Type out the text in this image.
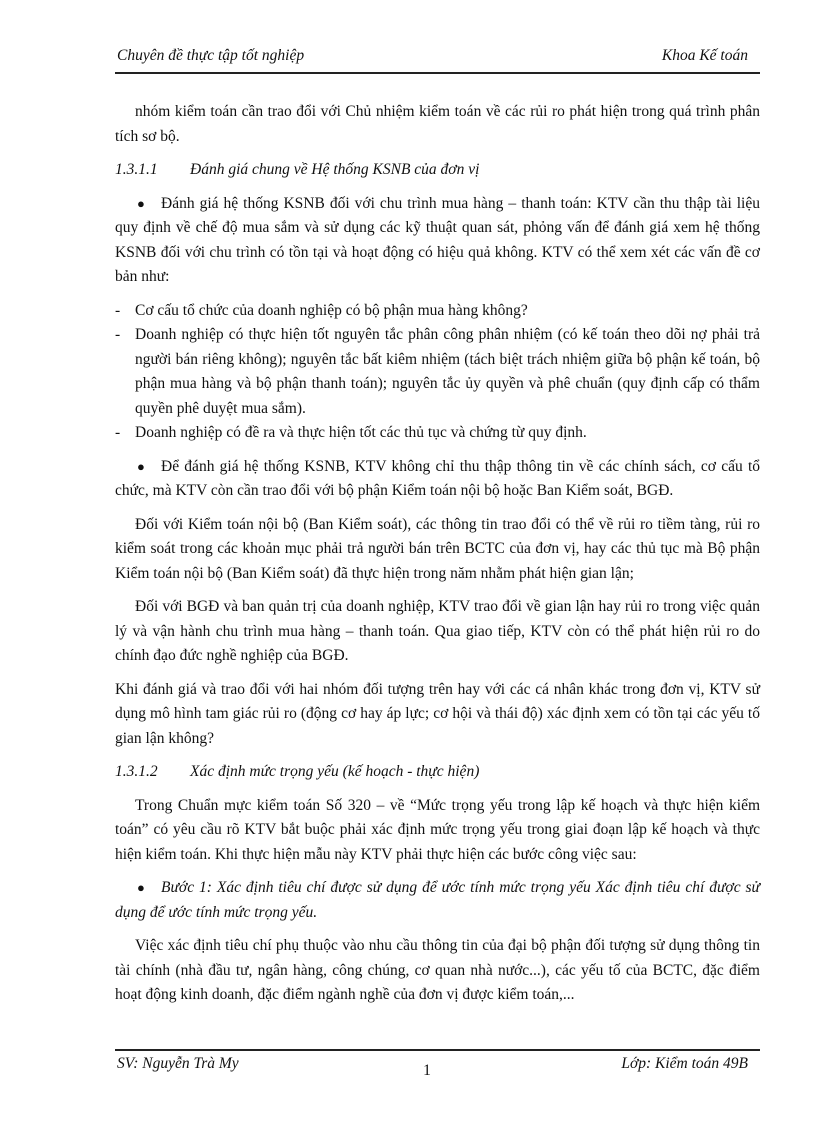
Chuyên đề thực tập tốt nghiệp	Khoa Kế toán

nhóm kiểm toán cần trao đổi với Chủ nhiệm kiểm toán về các rủi ro phát hiện trong quá trình phân tích sơ bộ.

1.3.1.1 Đánh giá chung về Hệ thống KSNB của đơn vị

● Đánh giá hệ thống KSNB đối với chu trình mua hàng – thanh toán: KTV cần thu thập tài liệu quy định về chế độ mua sắm và sử dụng các kỹ thuật quan sát, phỏng vấn để đánh giá xem hệ thống KSNB đối với chu trình có tồn tại và hoạt động có hiệu quả không. KTV có thể xem xét các vấn đề cơ bản như:

- Cơ cấu tổ chức của doanh nghiệp có bộ phận mua hàng không?

- Doanh nghiệp có thực hiện tốt nguyên tắc phân công phân nhiệm (có kế toán theo dõi nợ phải trả người bán riêng không); nguyên tắc bất kiêm nhiệm (tách biệt trách nhiệm giữa bộ phận kế toán, bộ phận mua hàng và bộ phận thanh toán); nguyên tắc ủy quyền và phê chuẩn (quy định cấp có thẩm quyền phê duyệt mua sắm).

- Doanh nghiệp có đề ra và thực hiện tốt các thủ tục và chứng từ quy định.

● Để đánh giá hệ thống KSNB, KTV không chỉ thu thập thông tin về các chính sách, cơ cấu tổ chức, mà KTV còn cần trao đổi với bộ phận Kiểm toán nội bộ hoặc Ban Kiểm soát, BGĐ.

Đối với Kiểm toán nội bộ (Ban Kiểm soát), các thông tin trao đổi có thể về rủi ro tiềm tàng, rủi ro kiểm soát trong các khoản mục phải trả người bán trên BCTC của đơn vị, hay các thủ tục mà Bộ phận Kiểm toán nội bộ (Ban Kiểm soát) đã thực hiện trong năm nhằm phát hiện gian lận;

Đối với BGĐ và ban quản trị của doanh nghiệp, KTV trao đổi về gian lận hay rủi ro trong việc quản lý và vận hành chu trình mua hàng – thanh toán. Qua giao tiếp, KTV còn có thể phát hiện rủi ro do chính đạo đức nghề nghiệp của BGĐ.

Khi đánh giá và trao đổi với hai nhóm đối tượng trên hay với các cá nhân khác trong đơn vị, KTV sử dụng mô hình tam giác rủi ro (động cơ hay áp lực; cơ hội và thái độ) xác định xem có tồn tại các yếu tố gian lận không?

1.3.1.2 Xác định mức trọng yếu (kế hoạch - thực hiện)

Trong Chuẩn mực kiểm toán Số 320 – về “Mức trọng yếu trong lập kế hoạch và thực hiện kiểm toán” có yêu cầu rõ KTV bắt buộc phải xác định mức trọng yếu trong giai đoạn lập kế hoạch và thực hiện kiểm toán. Khi thực hiện mẫu này KTV phải thực hiện các bước công việc sau:

● Bước 1: Xác định tiêu chí được sử dụng để ước tính mức trọng yếu Xác định tiêu chí được sử dụng để ước tính mức trọng yếu.

Việc xác định tiêu chí phụ thuộc vào nhu cầu thông tin của đại bộ phận đối tượng sử dụng thông tin tài chính (nhà đầu tư, ngân hàng, công chúng, cơ quan nhà nước...), các yếu tố của BCTC, đặc điểm hoạt động kinh doanh, đặc điểm ngành nghề của đơn vị được kiểm toán,...

SV: Nguyễn Trà My	1	Lớp: Kiểm toán 49B
